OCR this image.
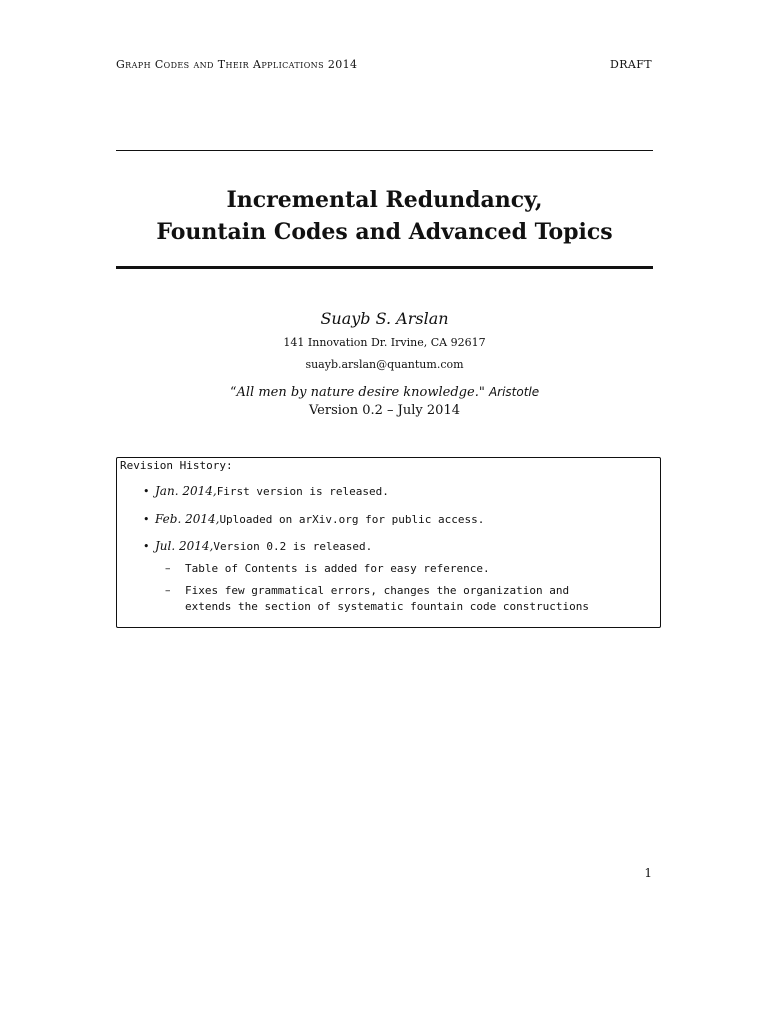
Graph Codes and Their Applications 2014	DRAFT
Incremental Redundancy,
Fountain Codes and Advanced Topics
Suayb S. Arslan
141 Innovation Dr. Irvine, CA 92617
suayb.arslan@quantum.com
“All men by nature desire knowledge." Aristotle
Version 0.2 – July 2014
Revision History:
• Jan. 2014,First version is released.
• Feb. 2014,Uploaded on arXiv.org for public access.
• Jul. 2014,Version 0.2 is released.
– Table of Contents is added for easy reference.
– Fixes few grammatical errors, changes the organization and
extends the section of systematic fountain code constructions
1
